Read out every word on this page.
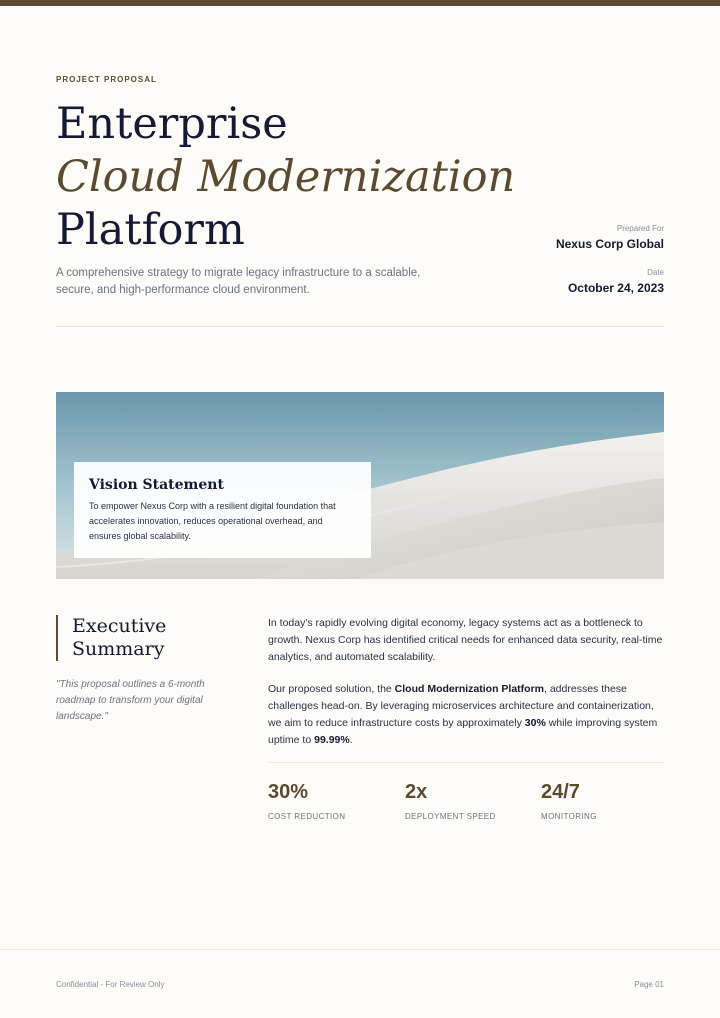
PROJECT PROPOSAL
Enterprise
Cloud Modernization
Platform

A comprehensive strategy to migrate legacy infrastructure to a scalable, secure, and high-performance cloud environment.

Prepared For
Nexus Corp Global
Date
October 24, 2023
Vision Statement

To empower Nexus Corp with a resilient digital foundation that accelerates innovation, reduces operational overhead, and ensures global scalability.

Executive
Summary

"This proposal outlines a 6-month roadmap to transform your digital landscape."

In today's rapidly evolving digital economy, legacy systems act as a bottleneck to growth. Nexus Corp has identified critical needs for enhanced data security, real-time analytics, and automated scalability.

Our proposed solution, the Cloud Modernization Platform, addresses these challenges head-on. By leveraging microservices architecture and containerization, we aim to reduce infrastructure costs by approximately 30% while improving system uptime to 99.99%.

30%
COST REDUCTION
2x
DEPLOYMENT SPEED
24/7
MONITORING
Confidential - For Review Only	Page 01
